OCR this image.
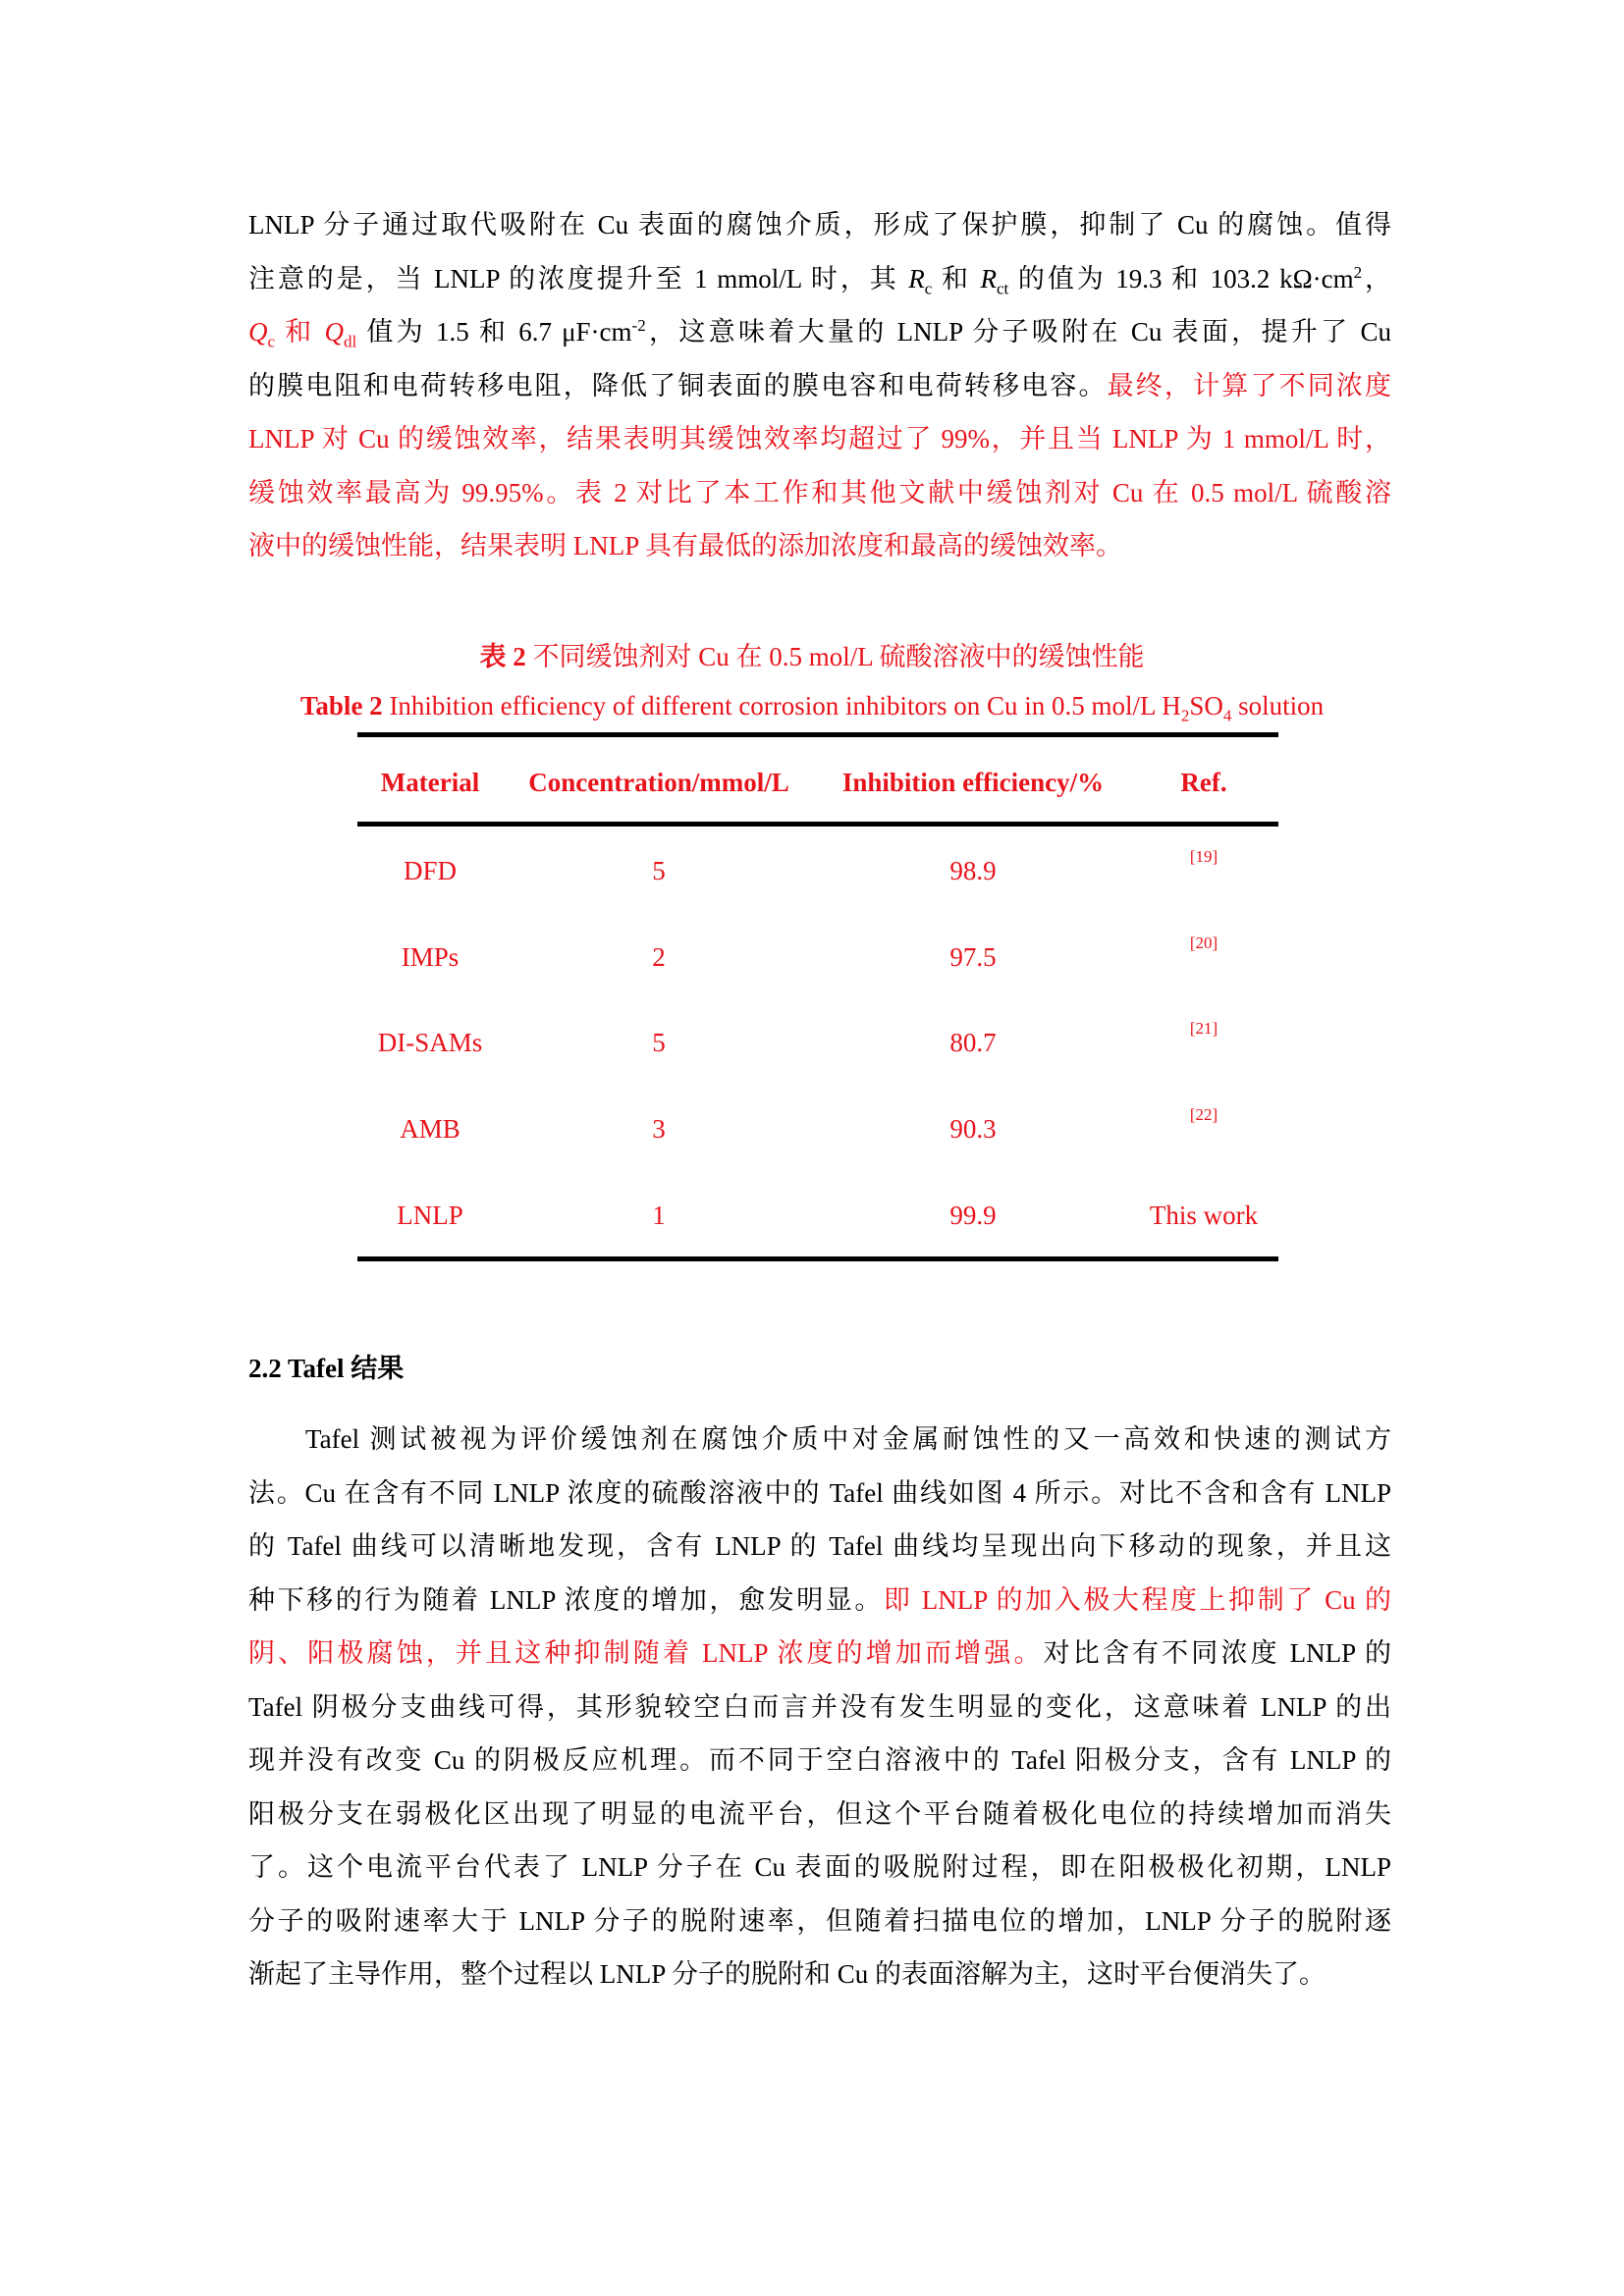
LNLP 分子通过取代吸附在 Cu 表面的腐蚀介质，形成了保护膜，抑制了 Cu 的腐蚀。值得
注意的是，当 LNLP 的浓度提升至 1 mmol/L 时，其 $R_c$ 和 $R_{ct}$ 的值为 19.3 和 103.2 $k\Omega\cdot cm^2$，
$Q_c$ 和 $Q_{dl}$ 值为 1.5 和 6.7 $\mu F\cdot cm^{-2}$，这意味着大量的 LNLP 分子吸附在 Cu 表面，提升了 Cu
的膜电阻和电荷转移电阻，降低了铜表面的膜电容和电荷转移电容。最终，计算了不同浓度
LNLP 对 Cu 的缓蚀效率，结果表明其缓蚀效率均超过了 99%，并且当 LNLP 为 1 mmol/L 时，
缓蚀效率最高为 99.95%。表 2 对比了本工作和其他文献中缓蚀剂对 Cu 在 0.5 mol/L 硫酸溶
液中的缓蚀性能，结果表明 LNLP 具有最低的添加浓度和最高的缓蚀效率。
表 2 不同缓蚀剂对 Cu 在 0.5 mol/L 硫酸溶液中的缓蚀性能
Table 2 Inhibition efficiency of different corrosion inhibitors on Cu in 0.5 mol/L $H_2SO_4$ solution
Material	Concentration/mmol/L	Inhibition efficiency/%	Ref.
DFD	5	98.9	[19]
IMPs	2	97.5	[20]
DI-SAMs	5	80.7	[21]
AMB	3	90.3	[22]
LNLP	1	99.9	This work
2.2 Tafel 结果
Tafel 测试被视为评价缓蚀剂在腐蚀介质中对金属耐蚀性的又一高效和快速的测试方
法。Cu 在含有不同 LNLP 浓度的硫酸溶液中的 Tafel 曲线如图 4 所示。对比不含和含有 LNLP
的 Tafel 曲线可以清晰地发现，含有 LNLP 的 Tafel 曲线均呈现出向下移动的现象，并且这
种下移的行为随着 LNLP 浓度的增加，愈发明显。即 LNLP 的加入极大程度上抑制了 Cu 的
阴、阳极腐蚀，并且这种抑制随着 LNLP 浓度的增加而增强。对比含有不同浓度 LNLP 的
Tafel 阴极分支曲线可得，其形貌较空白而言并没有发生明显的变化，这意味着 LNLP 的出
现并没有改变 Cu 的阴极反应机理。而不同于空白溶液中的 Tafel 阳极分支，含有 LNLP 的
阳极分支在弱极化区出现了明显的电流平台，但这个平台随着极化电位的持续增加而消失
了。这个电流平台代表了 LNLP 分子在 Cu 表面的吸脱附过程，即在阳极极化初期，LNLP
分子的吸附速率大于 LNLP 分子的脱附速率，但随着扫描电位的增加，LNLP 分子的脱附逐
渐起了主导作用，整个过程以 LNLP 分子的脱附和 Cu 的表面溶解为主，这时平台便消失了。
